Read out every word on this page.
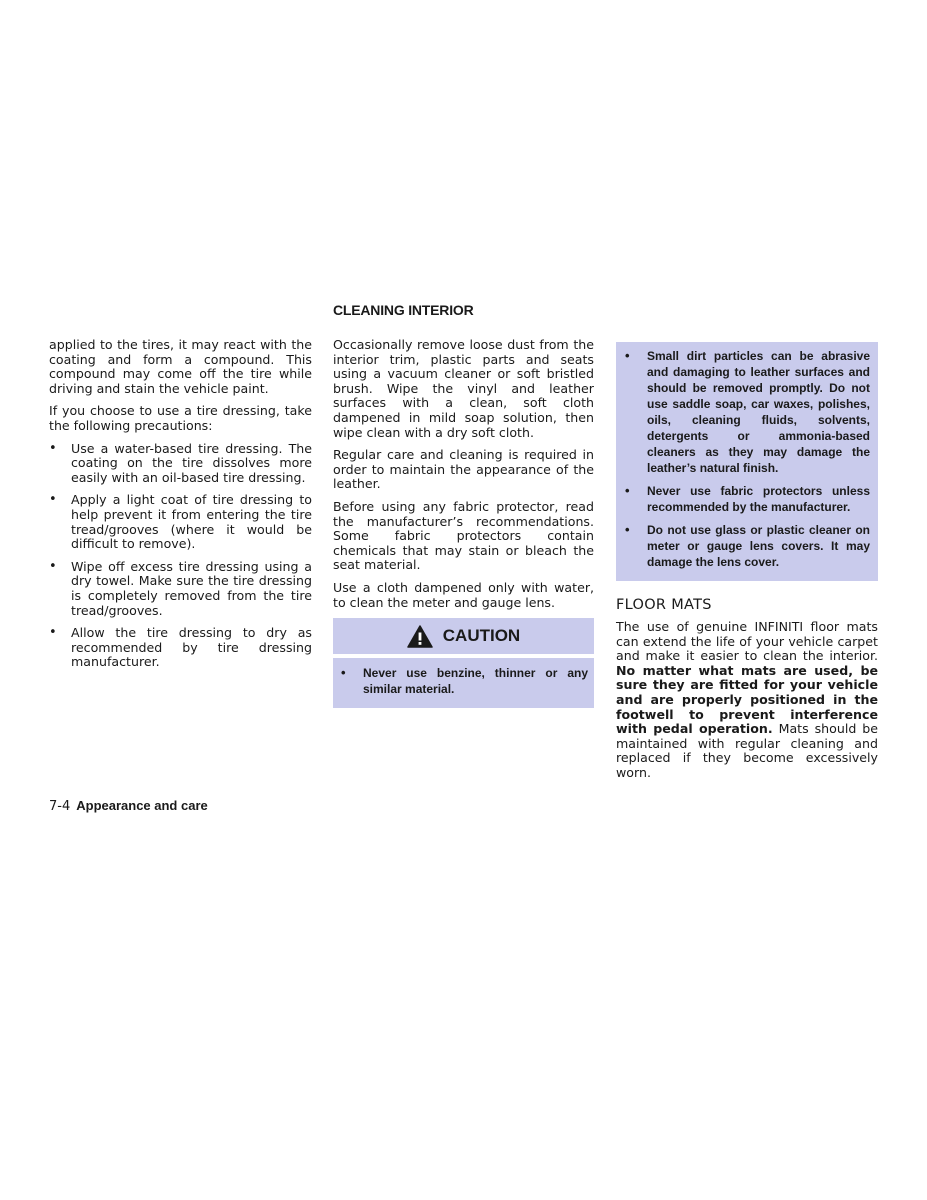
CLEANING INTERIOR

applied to the tires, it may react with the coating and form a compound. This compound may come off the tire while driving and stain the vehicle paint.

If you choose to use a tire dressing, take the following precautions:

• Use a water-based tire dressing. The coating on the tire dissolves more easily with an oil-based tire dressing.
• Apply a light coat of tire dressing to help prevent it from entering the tire tread/grooves (where it would be difficult to remove).
• Wipe off excess tire dressing using a dry towel. Make sure the tire dressing is completely removed from the tire tread/grooves.
• Allow the tire dressing to dry as recommended by tire dressing manufacturer.

Occasionally remove loose dust from the interior trim, plastic parts and seats using a vacuum cleaner or soft bristled brush. Wipe the vinyl and leather surfaces with a clean, soft cloth dampened in mild soap solution, then wipe clean with a dry soft cloth.

Regular care and cleaning is required in order to maintain the appearance of the leather.

Before using any fabric protector, read the manufacturer’s recommendations. Some fabric protectors contain chemicals that may stain or bleach the seat material.

Use a cloth dampened only with water, to clean the meter and gauge lens.

CAUTION
• Never use benzine, thinner or any similar material.
• Small dirt particles can be abrasive and damaging to leather surfaces and should be removed promptly. Do not use saddle soap, car waxes, polishes, oils, cleaning fluids, solvents, detergents or ammonia-based cleaners as they may damage the leather’s natural finish.
• Never use fabric protectors unless recommended by the manufacturer.
• Do not use glass or plastic cleaner on meter or gauge lens covers. It may damage the lens cover.
FLOOR MATS

The use of genuine INFINITI floor mats can extend the life of your vehicle carpet and make it easier to clean the interior. No matter what mats are used, be sure they are fitted for your vehicle and are properly positioned in the footwell to prevent interference with pedal operation. Mats should be maintained with regular cleaning and replaced if they become excessively worn.

7-4 Appearance and care
